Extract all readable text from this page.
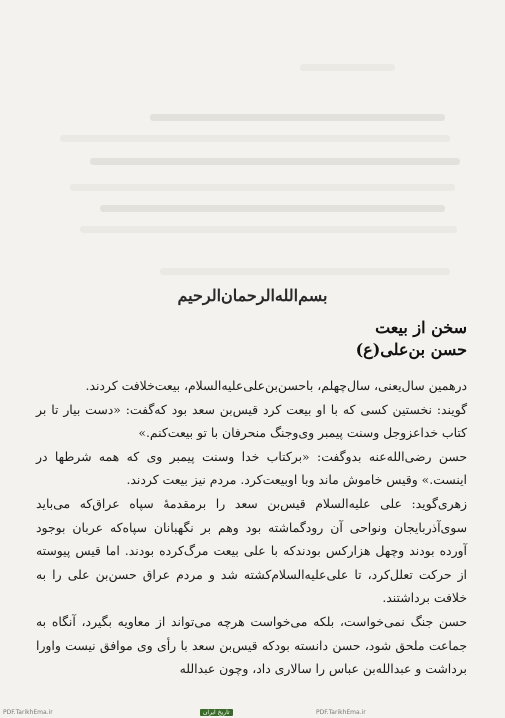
بسم‌الله‌الرحمان‌الرحیم
سخن از بیعت
حسن بن‌علی(ع)

درهمین سال‌یعنی، سال‌چهلم، باحسن‌بن‌علی‌علیه‌السلام، بیعت‌خلافت کردند.

گویند: نخستین کسی که با او بیعت کرد قیس‌بن سعد بود که‌گفت: «دست بیار تا بر کتاب خداعزوجل وسنت پیمبر وی‌وجنگ منحرفان با تو بیعت‌کنم.»

حسن رضی‌الله‌عنه بدوگفت: «برکتاب خدا وسنت پیمبر وی که همه شرطها در اینست.» وقیس خاموش ماند وبا اوبیعت‌کرد. مردم نیز بیعت کردند.

زهری‌گوید: علی علیه‌السلام قیس‌بن سعد را برمقدمهٔ سپاه عراق‌که می‌باید سوی‌آذربایجان ونواحی آن رودگماشته بود وهم بر نگهبانان سپاه‌که عربان بوجود آورده بودند وچهل هزارکس بودند‌که با علی بیعت مرگ‌کرده بودند. اما قیس پیوسته از حرکت تعلل‌کرد، تا علی‌علیه‌السلام‌کشته شد و مردم عراق حسن‌بن علی را به خلافت برداشتند.

حسن جنگ نمی‌خواست، بلکه می‌خواست هرچه می‌تواند از معاویه بگیرد، آنگاه به جماعت ملحق شود، حسن دانسته بود‌که قیس‌بن سعد با رأی وی موافق نیست واورا برداشت و عبدالله‌بن عباس را سالاری داد، وچون عبدالله

PDF.TarikhEma.ir	تاریخ ایران	PDF.TarikhEma.ir
